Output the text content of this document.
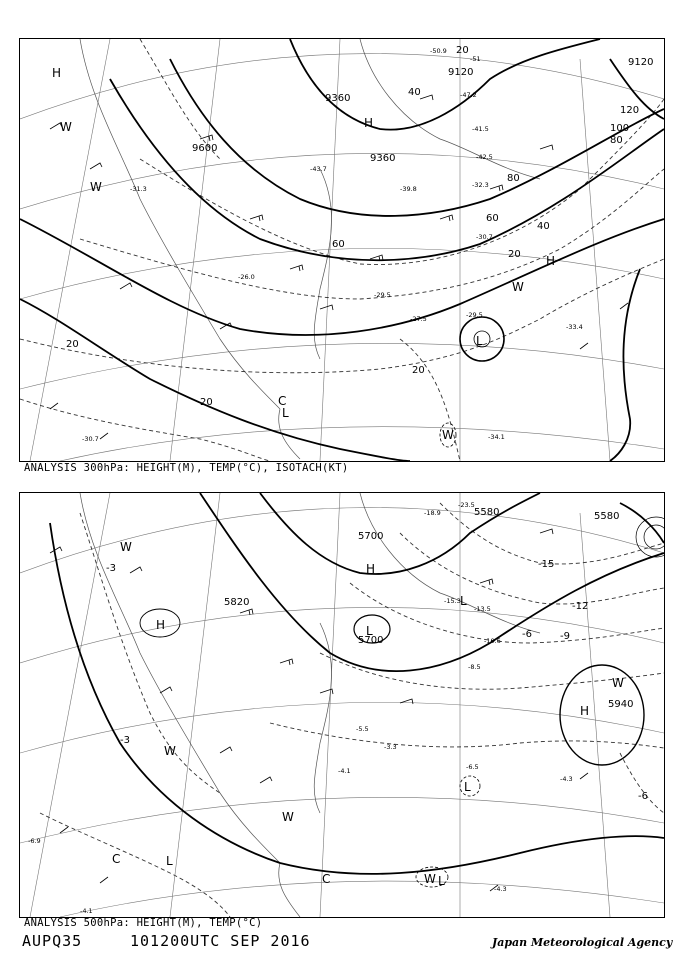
9120
9360
9600
9360
9120
20
40
60
80
100
120
80
60
40
20
20
20
20
-50.9
-51
-47.2
-43.7
-41.5
-42.5
-39.8	-32.3
-30.7
-29.5
-27.5
-26.0
-31.3
-33.4
-29.5
-30.7	-34.1
H
H
H
W
W
W
L
L
C
W
ANALYSIS 300hPa: HEIGHT(M), TEMP(°C), ISOTACH(KT)
5580	5580
5820
5700
5700
5940
-15
-12
-9
-6
-3
-6
-3
-23.5
-18.9
-15.3
-13.5
-10.6
-8.5
-6.5
-4.3
-3.3
-4.1
-5.5
-6.9
-4.1
-4.3
W
H
H
L
L
W
H
W
L
C	L
C	W L
W
ANALYSIS 500hPa: HEIGHT(M), TEMP(°C)
AUPQ35	101200UTC SEP 2016	Japan Meteorological Agency
